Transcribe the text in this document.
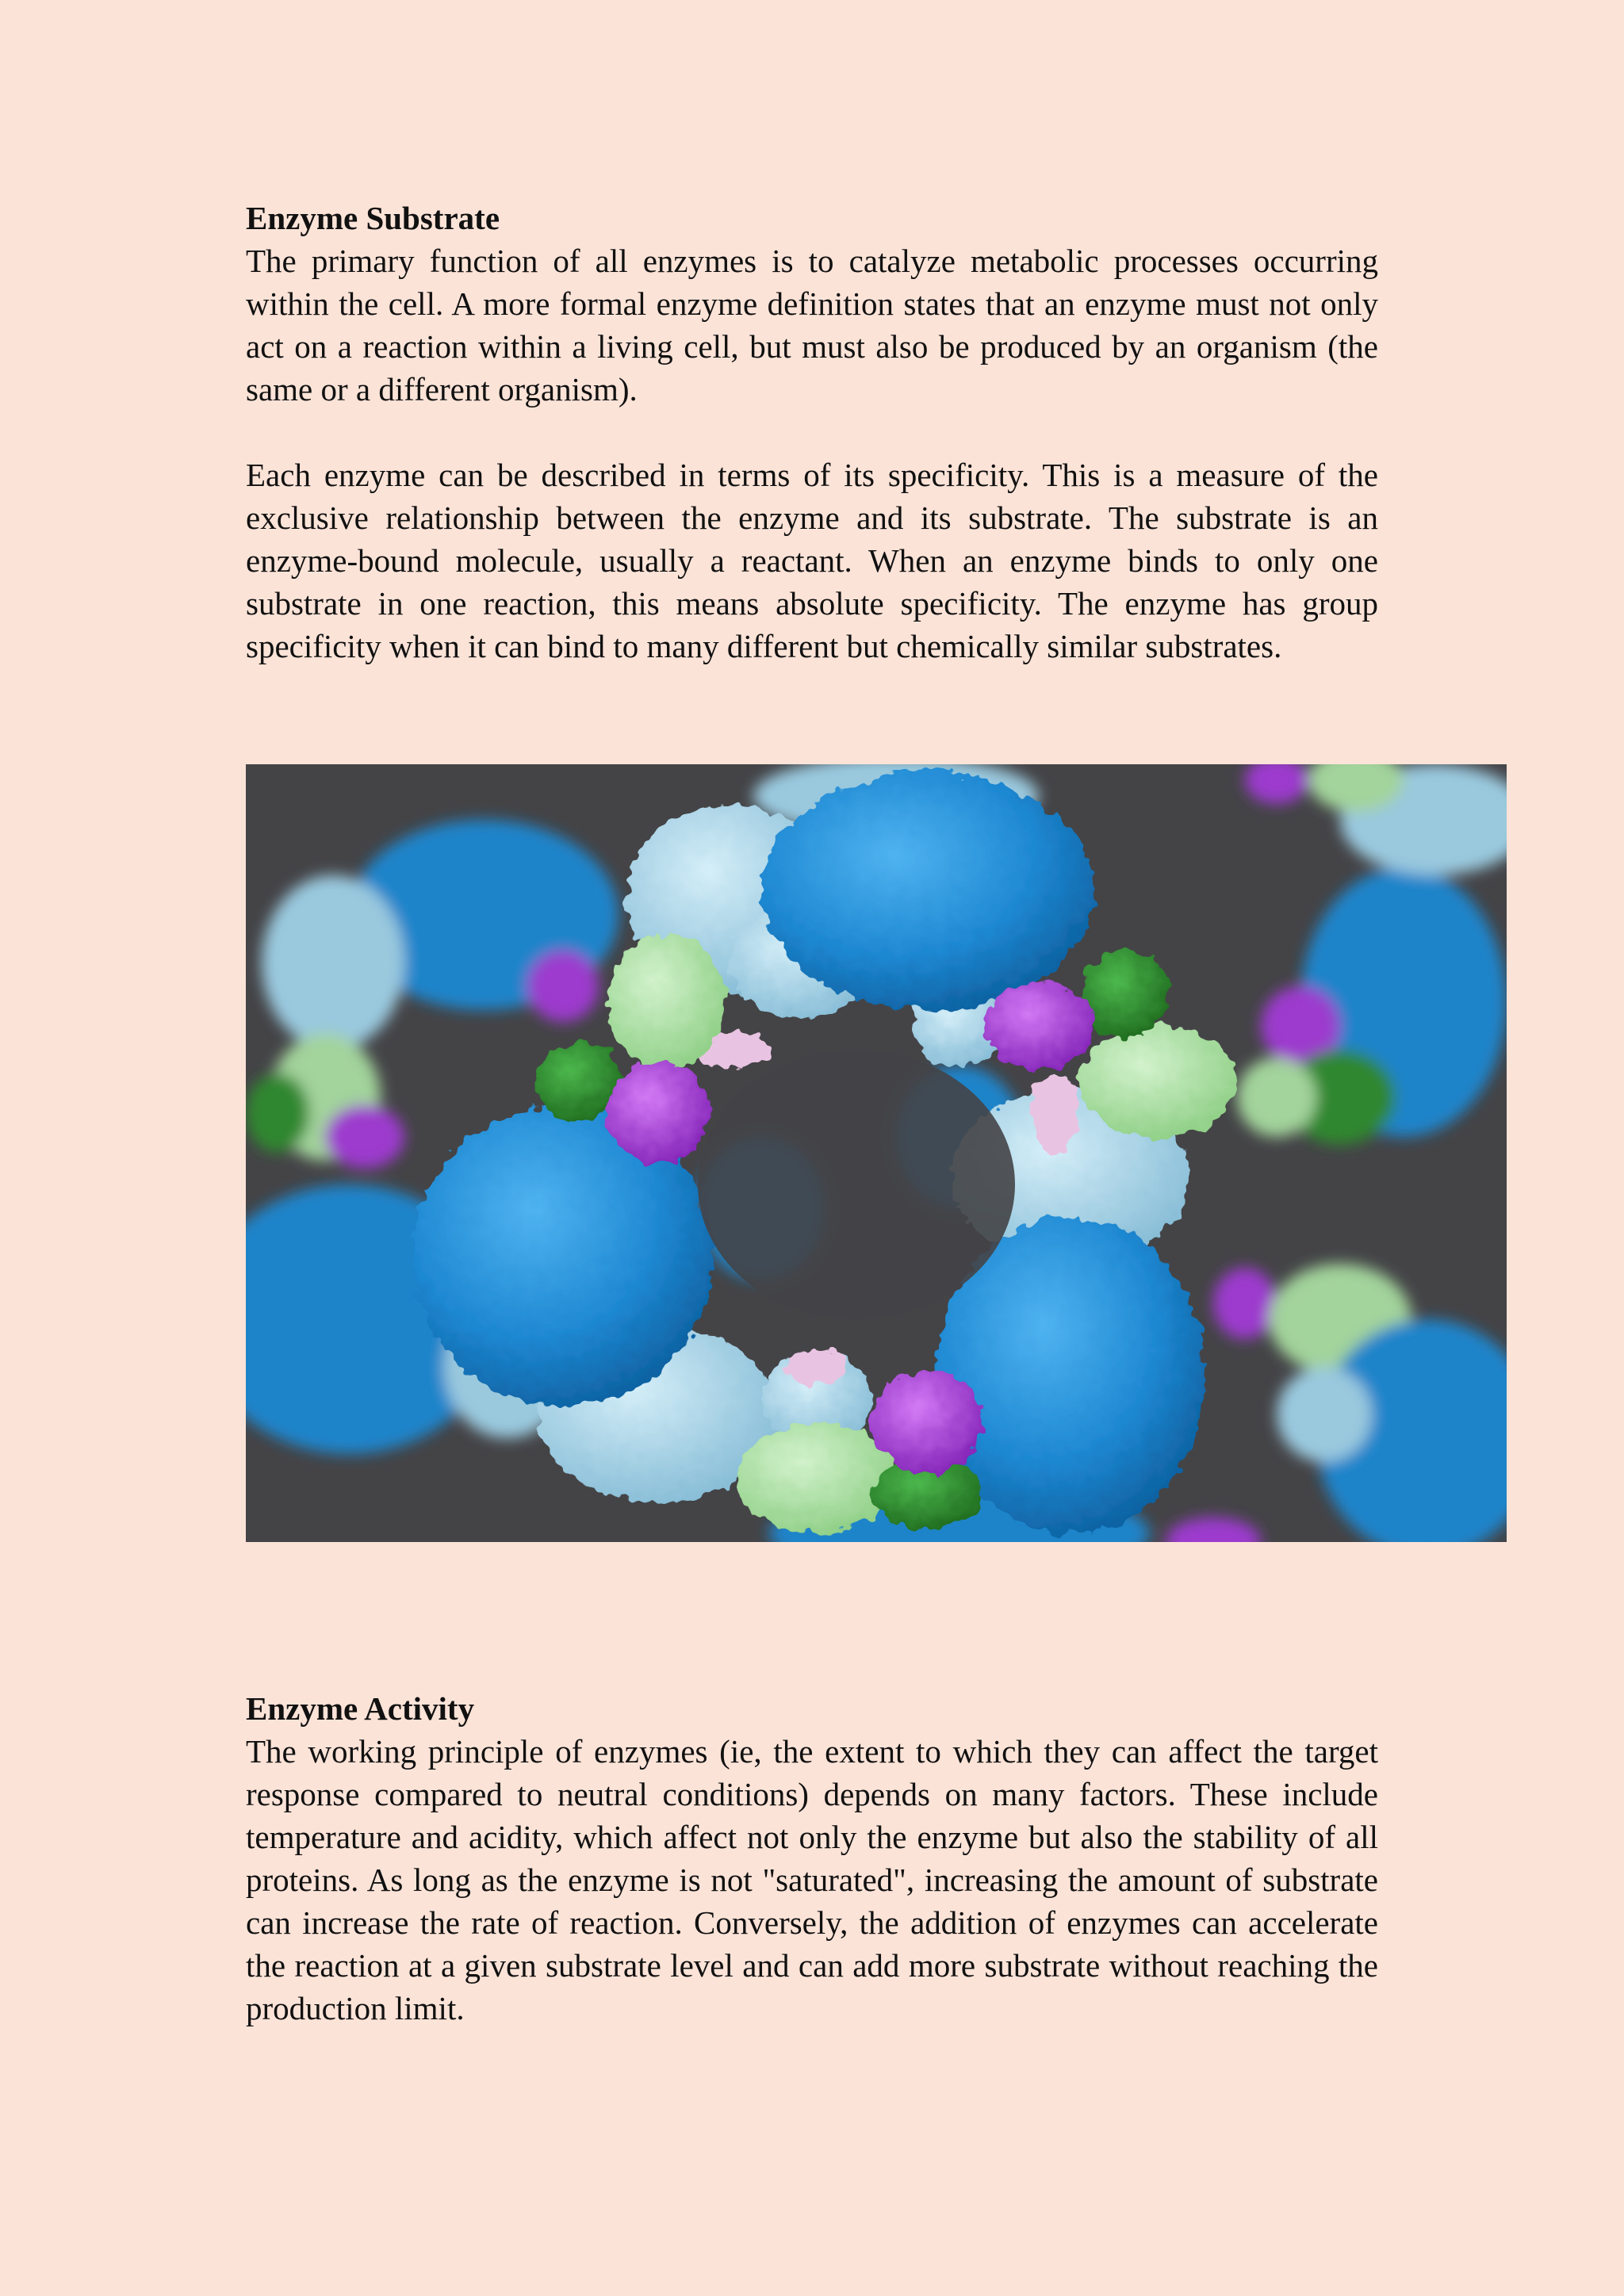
Enzyme Substrate

The primary function of all enzymes is to catalyze metabolic processes occurring within the cell. A more formal enzyme definition states that an enzyme must not only act on a reaction within a living cell, but must also be produced by an organism (the same or a different organism).

Each enzyme can be described in terms of its specificity. This is a measure of the exclusive relationship between the enzyme and its substrate. The substrate is an enzyme-bound molecule, usually a reactant. When an enzyme binds to only one substrate in one reaction, this means absolute specificity. The enzyme has group specificity when it can bind to many different but chemically similar substrates.

Enzyme Activity

The working principle of enzymes (ie, the extent to which they can affect the target response compared to neutral conditions) depends on many factors. These include temperature and acidity, which affect not only the enzyme but also the stability of all proteins. As long as the enzyme is not "saturated", increasing the amount of substrate can increase the rate of reaction. Conversely, the addition of enzymes can accelerate the reaction at a given substrate level and can add more substrate without reaching the production limit.
